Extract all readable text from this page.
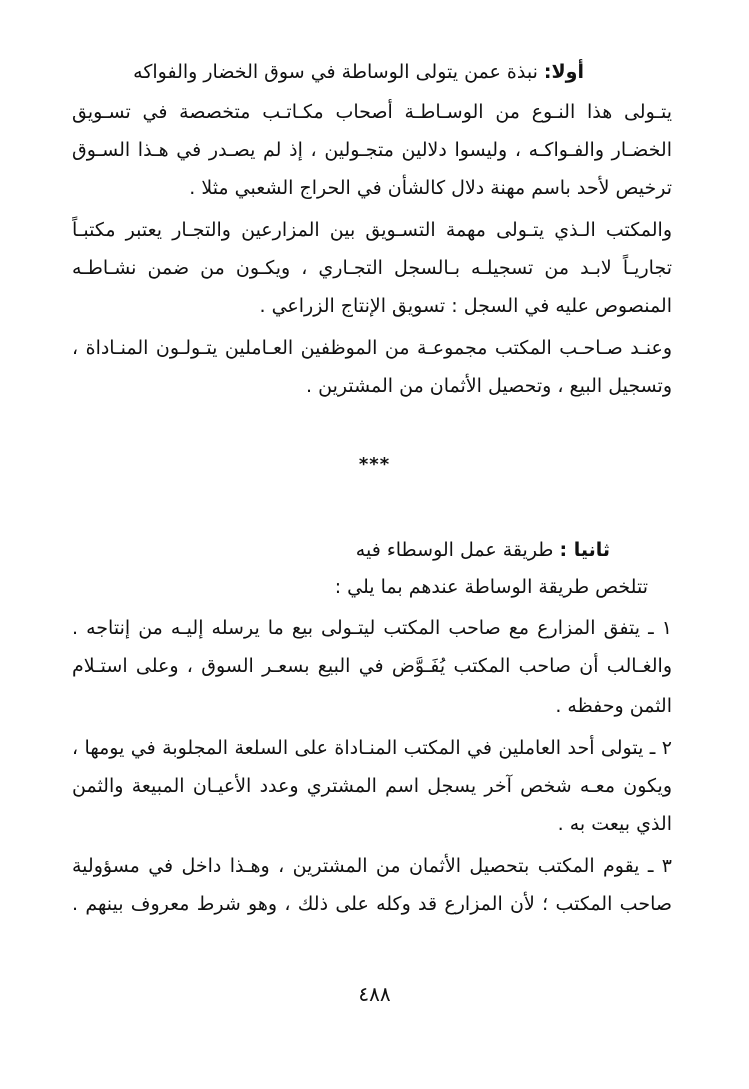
أولا: نبذة عمن يتولى الوساطة في سوق الخضار والفواكه
يتـولى هذا النـوع من الوسـاطـة أصحاب مكـاتـب متخصصة في تسـويق
الخضـار والفـواكـه ، وليسوا دلالين متجـولين ، إذ لم يصـدر في هـذا السـوق
ترخيص لأحد باسم مهنة دلال كالشأن في الحراج الشعبي مثلا .
والمكتب الـذي يتـولى مهمة التسـويق بين المزارعين والتجـار يعتبر مكتبـاً
تجاريـاً لابـد من تسجيلـه بـالسجل التجـاري ، ويكـون من ضمن نشـاطـه
المنصوص عليه في السجل : تسويق الإنتاج الزراعي .
وعنـد صـاحـب المكتب مجموعـة من الموظفين العـاملين يتـولـون المنـاداة ،
وتسجيل البيع ، وتحصيل الأثمان من المشترين .
***
ثانيا : طريقة عمل الوسطاء فيه
تتلخص طريقة الوساطة عندهم بما يلي :
١ ـ يتفق المزارع مع صاحب المكتب ليتـولى بيع ما يرسله إليـه من إنتاجه .
والغـالب أن صاحب المكتب يُفَـوَّض في البيع بسعـر السوق ، وعلى استـلام
الثمن وحفظه .
٢ ـ يتولى أحد العاملين في المكتب المنـاداة على السلعة المجلوبة في يومها ،
ويكون معـه شخص آخر يسجل اسم المشتري وعدد الأعيـان المبيعة والثمن
الذي بيعت به .
٣ ـ يقوم المكتب بتحصيل الأثمان من المشترين ، وهـذا داخل في مسؤولية
صاحب المكتب ؛ لأن المزارع قد وكله على ذلك ، وهو شرط معروف بينهم .
٤٨٨
